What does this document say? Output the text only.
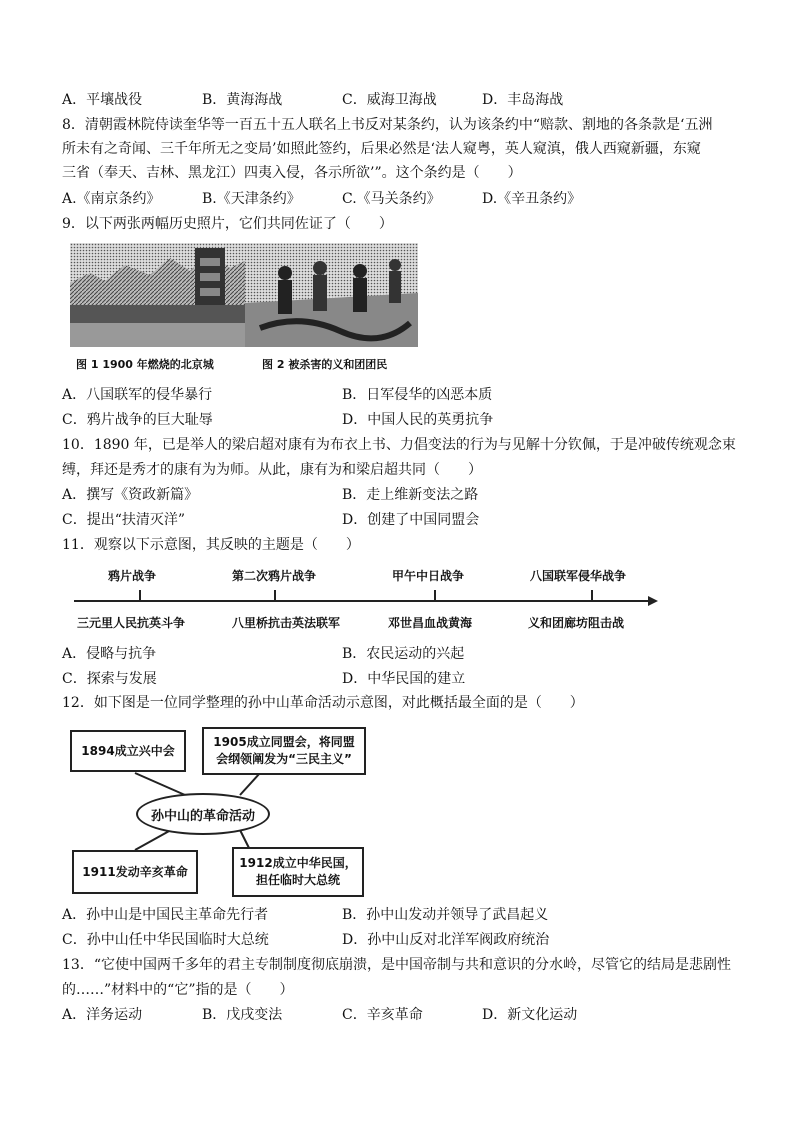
A．平壤战役	B．黄海海战	C．威海卫海战	D．丰岛海战
8．清朝霞林院侍读奎华等一百五十五人联名上书反对某条约，认为该条约中“赔款、割地的各条款是‘五洲
所未有之奇闻、三千年所无之变局’如照此签约，后果必然是‘法人窥粤，英人窥滇，俄人西窥新疆，东窥
三省（奉天、吉林、黑龙江）四夷入侵，各示所欲’”。这个条约是（　　）
A.《南京条约》	B.《天津条约》	C.《马关条约》	D.《辛丑条约》
9．以下两张两幅历史照片，它们共同佐证了（　　）
图 1 1900 年燃烧的北京城	图 2 被杀害的义和团团民
A．八国联军的侵华暴行	B．日军侵华的凶恶本质
C．鸦片战争的巨大耻辱	D．中国人民的英勇抗争
10．1890 年，已是举人的梁启超对康有为布衣上书、力倡变法的行为与见解十分钦佩，于是冲破传统观念束
缚，拜还是秀才的康有为为师。从此，康有为和梁启超共同（　　）
A．撰写《资政新篇》	B．走上维新变法之路
C．提出“扶清灭洋”	D．创建了中国同盟会
11．观察以下示意图，其反映的主题是（　　）
鸦片战争	第二次鸦片战争	甲午中日战争	八国联军侵华战争
三元里人民抗英斗争	八里桥抗击英法联军	邓世昌血战黄海	义和团廊坊阻击战
A．侵略与抗争	B．农民运动的兴起
C．探索与发展	D．中华民国的建立
12．如下图是一位同学整理的孙中山革命活动示意图，对此概括最全面的是（　　）
1894成立兴中会
1905成立同盟会，将同盟
会纲领阐发为“三民主义”
孙中山的革命活动
1911发动辛亥革命
1912成立中华民国，
担任临时大总统
A．孙中山是中国民主革命先行者	B．孙中山发动并领导了武昌起义
C．孙中山任中华民国临时大总统	D．孙中山反对北洋军阀政府统治
13．“它使中国两千多年的君主专制制度彻底崩溃，是中国帝制与共和意识的分水岭，尽管它的结局是悲剧性
的……”材料中的“它”指的是（　　）
A．洋务运动	B．戊戌变法	C．辛亥革命	D．新文化运动
